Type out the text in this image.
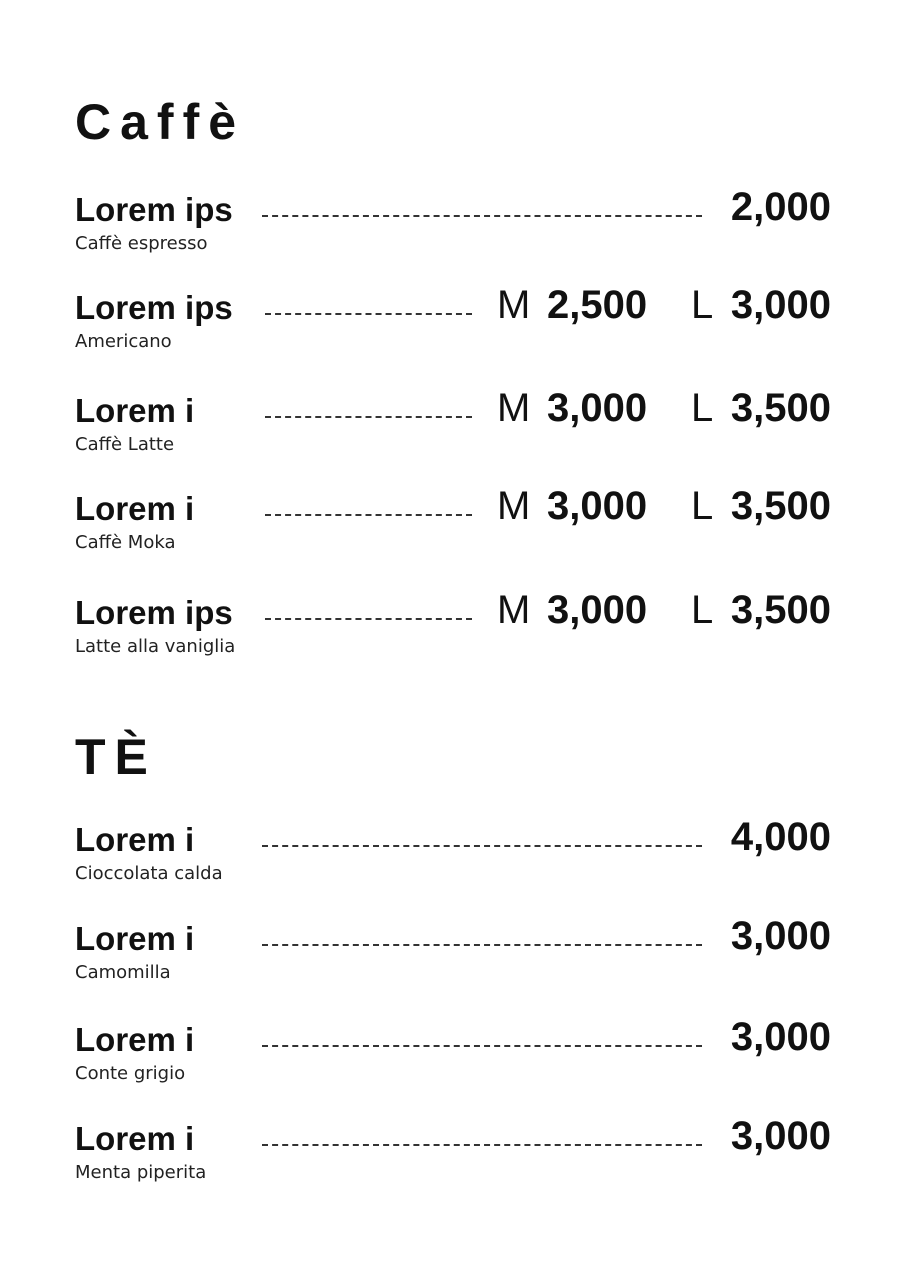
Caffè
Lorem ips
Caffè espresso
2,000
Lorem ips
Americano
M 2,500 L 3,000
Lorem i
Caffè Latte
M 3,000 L 3,500
Lorem i
Caffè Moka
M 3,000 L 3,500
Lorem ips
Latte alla vaniglia
M 3,000 L 3,500
TÈ
Lorem i
Cioccolata calda
4,000
Lorem i
Camomilla
3,000
Lorem i
Conte grigio
3,000
Lorem i
Menta piperita
3,000
